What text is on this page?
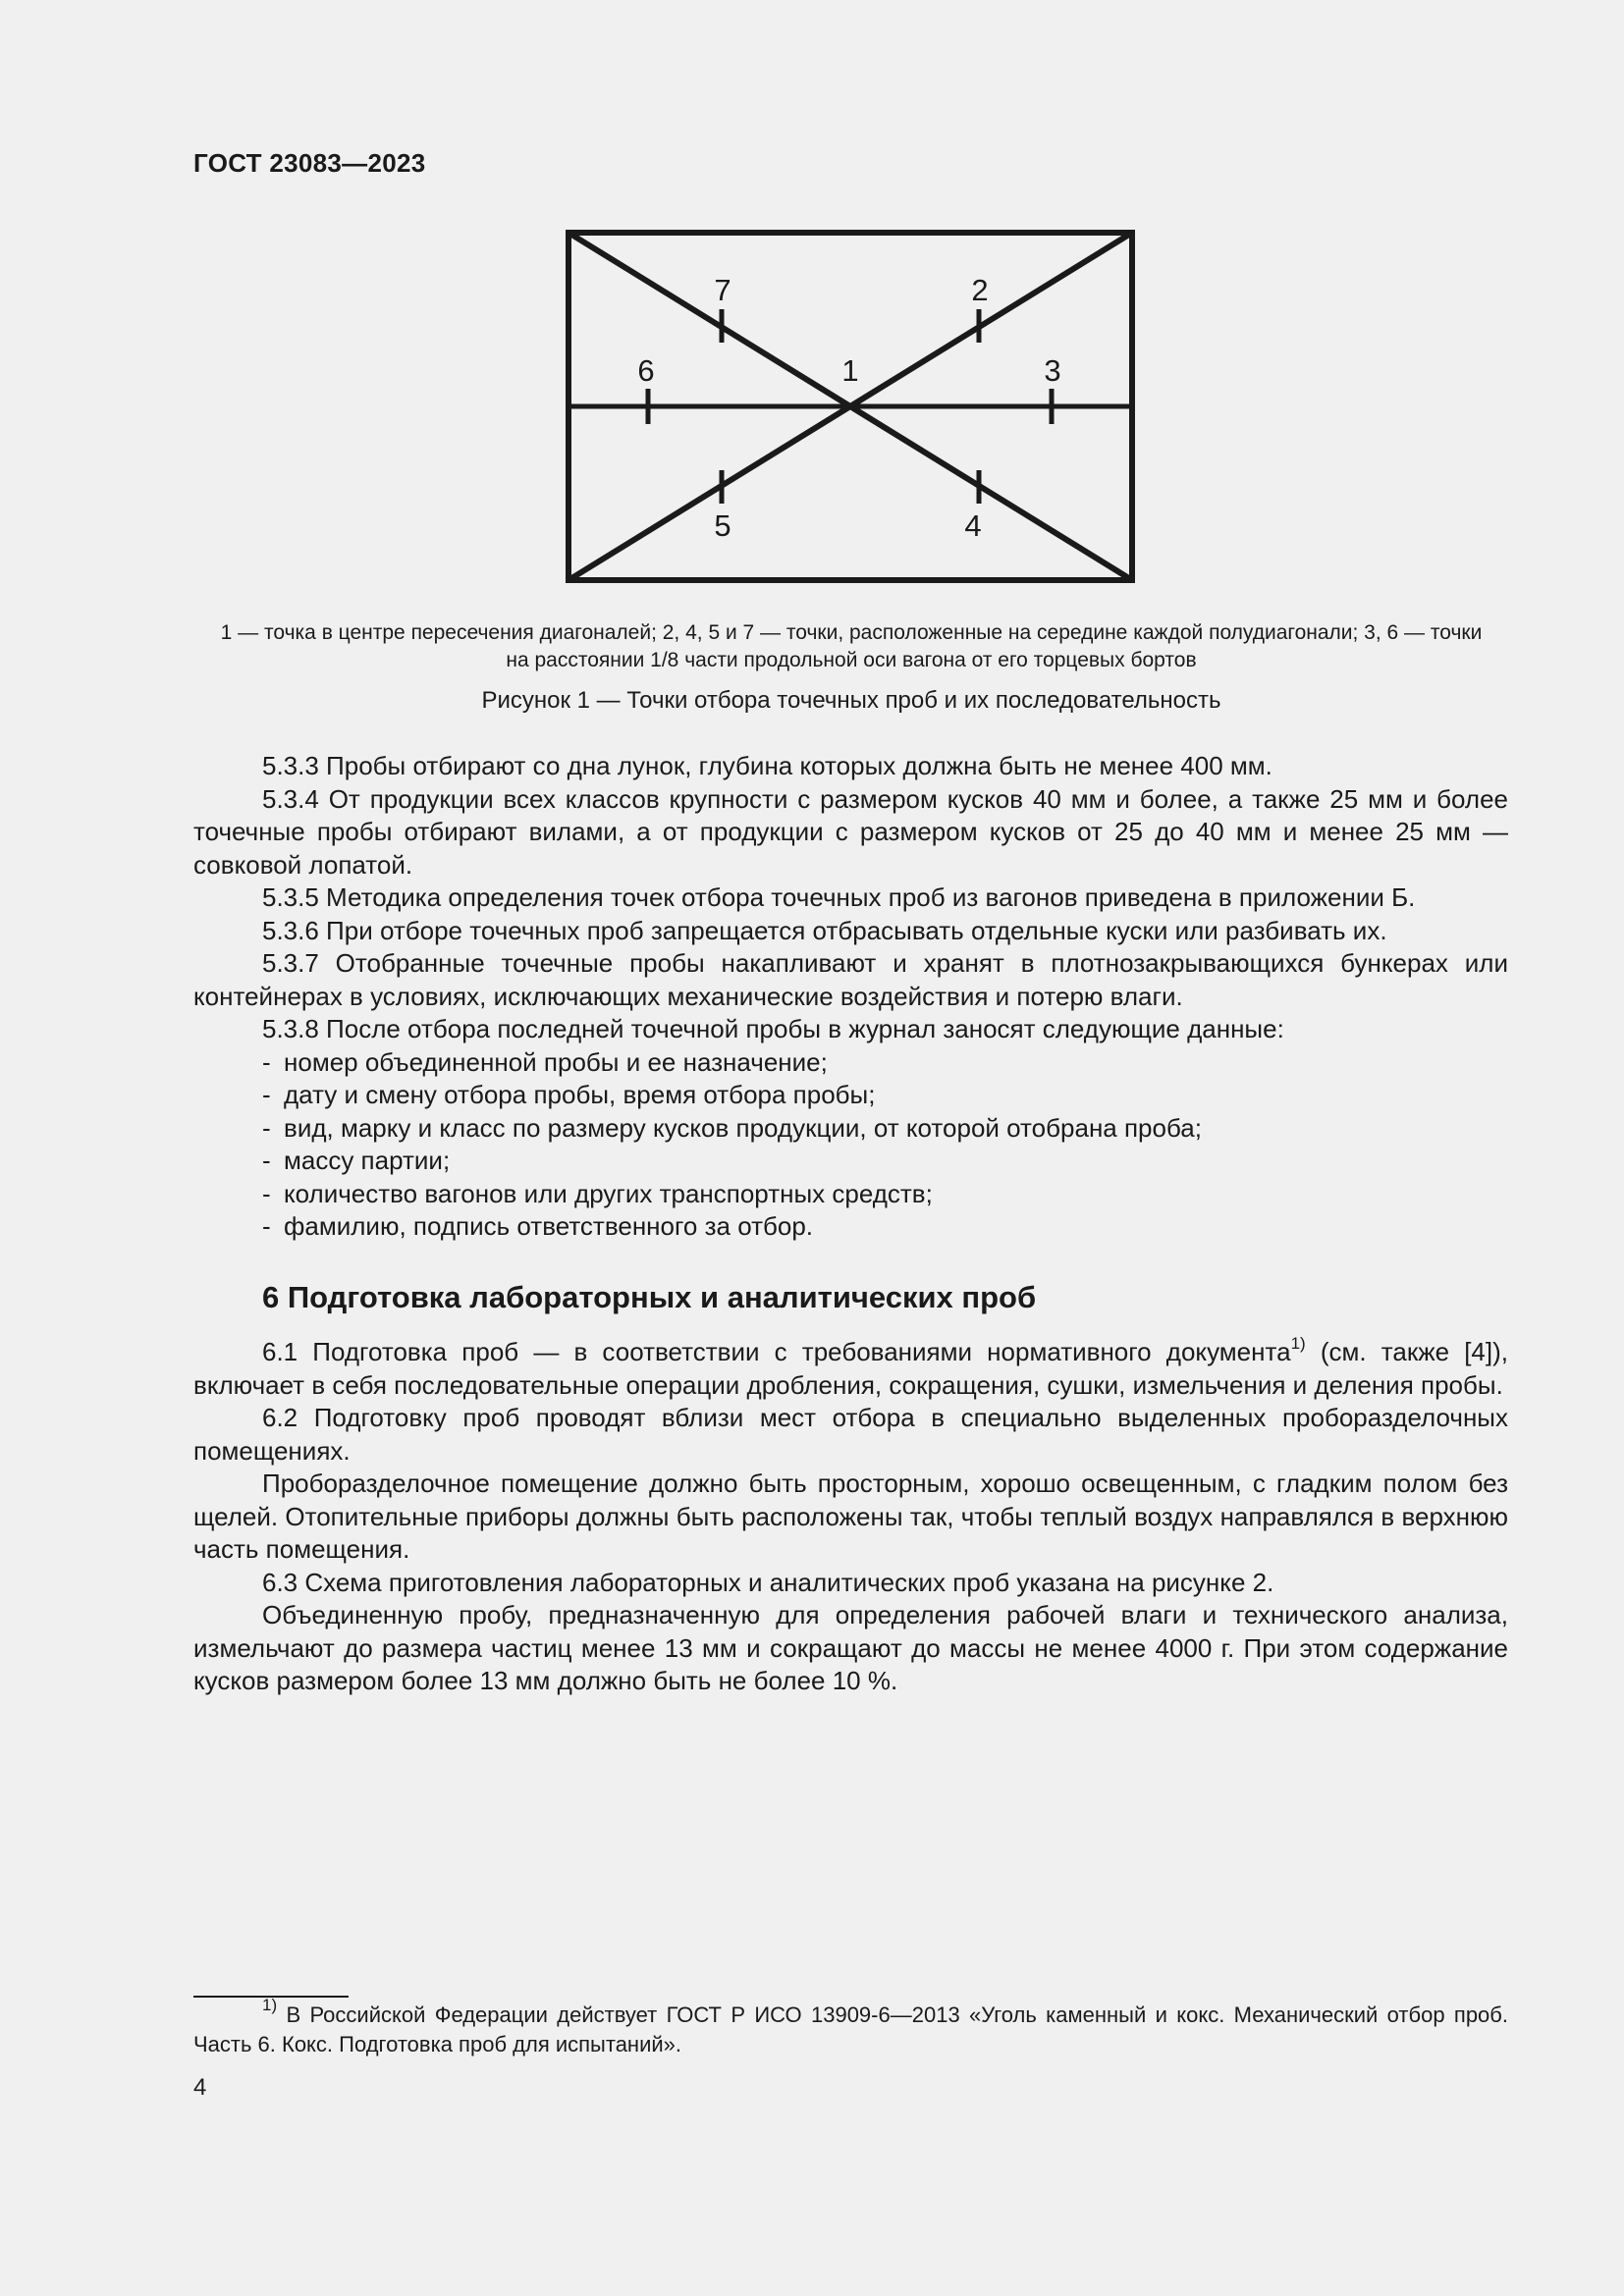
ГОСТ 23083—2023
7	2
6	1	3
5	4
1 — точка в центре пересечения диагоналей; 2, 4, 5 и 7 — точки, расположенные на середине каждой полудиагонали; 3, 6 — точки
на расстоянии 1/8 части продольной оси вагона от его торцевых бортов
Рисунок 1 — Точки отбора точечных проб и их последовательность

5.3.3 Пробы отбирают со дна лунок, глубина которых должна быть не менее 400 мм.

5.3.4 От продукции всех классов крупности с размером кусков 40 мм и более, а также 25 мм и более точечные пробы отбирают вилами, а от продукции с размером кусков от 25 до 40 мм и менее 25 мм — совковой лопатой.

5.3.5 Методика определения точек отбора точечных проб из вагонов приведена в приложении Б.

5.3.6 При отборе точечных проб запрещается отбрасывать отдельные куски или разбивать их.

5.3.7 Отобранные точечные пробы накапливают и хранят в плотнозакрывающихся бункерах или контейнерах в условиях, исключающих механические воздействия и потерю влаги.

5.3.8 После отбора последней точечной пробы в журнал заносят следующие данные:

- номер объединенной пробы и ее назначение;

- дату и смену отбора пробы, время отбора пробы;

- вид, марку и класс по размеру кусков продукции, от которой отобрана проба;

- массу партии;

- количество вагонов или других транспортных средств;

- фамилию, подпись ответственного за отбор.

6 Подготовка лабораторных и аналитических проб

6.1 Подготовка проб — в соответствии с требованиями нормативного документа$^{1)}$ (см. также [4]), включает в себя последовательные операции дробления, сокращения, сушки, измельчения и деления пробы.

6.2 Подготовку проб проводят вблизи мест отбора в специально выделенных проборазделочных помещениях.

Проборазделочное помещение должно быть просторным, хорошо освещенным, с гладким полом без щелей. Отопительные приборы должны быть расположены так, чтобы теплый воздух направлялся в верхнюю часть помещения.

6.3 Схема приготовления лабораторных и аналитических проб указана на рисунке 2.

Объединенную пробу, предназначенную для определения рабочей влаги и технического анализа, измельчают до размера частиц менее 13 мм и сокращают до массы не менее 4000 г. При этом содержание кусков размером более 13 мм должно быть не более 10 %.

$^{1)}$ В Российской Федерации действует ГОСТ Р ИСО 13909-6—2013 «Уголь каменный и кокс. Механический отбор проб. Часть 6. Кокс. Подготовка проб для испытаний».

4
